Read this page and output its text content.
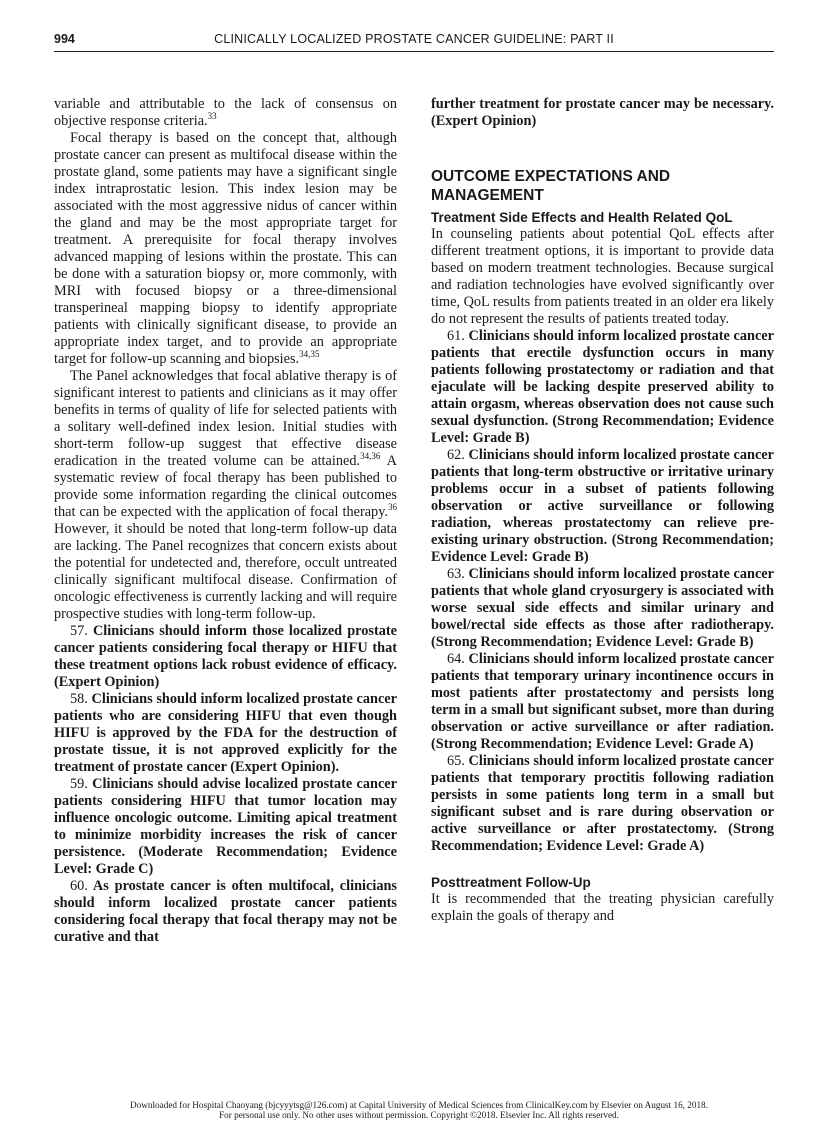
994	CLINICALLY LOCALIZED PROSTATE CANCER GUIDELINE: PART II

variable and attributable to the lack of consensus on objective response criteria.$^{33}$

Focal therapy is based on the concept that, although prostate cancer can present as multifocal disease within the prostate gland, some patients may have a significant single index intraprostatic lesion. This index lesion may be associated with the most aggressive nidus of cancer within the gland and may be the most appropriate target for treatment. A prerequisite for focal therapy involves advanced mapping of lesions within the prostate. This can be done with a saturation biopsy or, more commonly, with MRI with focused biopsy or a three-dimensional transperineal mapping biopsy to identify appropriate patients with clinically significant disease, to provide an appropriate index target, and to provide an appropriate target for follow-up scanning and biopsies.$^{34,35}$

The Panel acknowledges that focal ablative therapy is of significant interest to patients and clinicians as it may offer benefits in terms of quality of life for selected patients with a solitary well-defined index lesion. Initial studies with short-term follow-up suggest that effective disease eradication in the treated volume can be attained.$^{34,36}$ A systematic review of focal therapy has been published to provide some information regarding the clinical outcomes that can be expected with the application of focal therapy.$^{36}$ However, it should be noted that long-term follow-up data are lacking. The Panel recognizes that concern exists about the potential for undetected and, therefore, occult untreated clinically significant multifocal disease. Confirmation of oncologic effectiveness is currently lacking and will require prospective studies with long-term follow-up.

57. Clinicians should inform those localized prostate cancer patients considering focal therapy or HIFU that these treatment options lack robust evidence of efficacy. (Expert Opinion)

58. Clinicians should inform localized prostate cancer patients who are considering HIFU that even though HIFU is approved by the FDA for the destruction of prostate tissue, it is not approved explicitly for the treatment of prostate cancer (Expert Opinion).

59. Clinicians should advise localized prostate cancer patients considering HIFU that tumor location may influence oncologic outcome. Limiting apical treatment to minimize morbidity increases the risk of cancer persistence. (Moderate Recommendation; Evidence Level: Grade C)

60. As prostate cancer is often multifocal, clinicians should inform localized prostate cancer patients considering focal therapy that focal therapy may not be curative and that

further treatment for prostate cancer may be necessary. (Expert Opinion)

OUTCOME EXPECTATIONS AND MANAGEMENT
Treatment Side Effects and Health Related QoL

In counseling patients about potential QoL effects after different treatment options, it is important to provide data based on modern treatment technologies. Because surgical and radiation technologies have evolved significantly over time, QoL results from patients treated in an older era likely do not represent the results of patients treated today.

61. Clinicians should inform localized prostate cancer patients that erectile dysfunction occurs in many patients following prostatectomy or radiation and that ejaculate will be lacking despite preserved ability to attain orgasm, whereas observation does not cause such sexual dysfunction. (Strong Recommendation; Evidence Level: Grade B)

62. Clinicians should inform localized prostate cancer patients that long-term obstructive or irritative urinary problems occur in a subset of patients following observation or active surveillance or following radiation, whereas prostatectomy can relieve pre-existing urinary obstruction. (Strong Recommendation; Evidence Level: Grade B)

63. Clinicians should inform localized prostate cancer patients that whole gland cryosurgery is associated with worse sexual side effects and similar urinary and bowel/rectal side effects as those after radiotherapy. (Strong Recommendation; Evidence Level: Grade B)

64. Clinicians should inform localized prostate cancer patients that temporary urinary incontinence occurs in most patients after prostatectomy and persists long term in a small but significant subset, more than during observation or active surveillance or after radiation. (Strong Recommendation; Evidence Level: Grade A)

65. Clinicians should inform localized prostate cancer patients that temporary proctitis following radiation persists in some patients long term in a small but significant subset and is rare during observation or active surveillance or after prostatectomy. (Strong Recommendation; Evidence Level: Grade A)

Posttreatment Follow-Up

It is recommended that the treating physician carefully explain the goals of therapy and

Downloaded for Hospital Chaoyang (bjcyyytsg@126.com) at Capital University of Medical Sciences from ClinicalKey.com by Elsevier on August 16, 2018.
For personal use only. No other uses without permission. Copyright ©2018. Elsevier Inc. All rights reserved.
